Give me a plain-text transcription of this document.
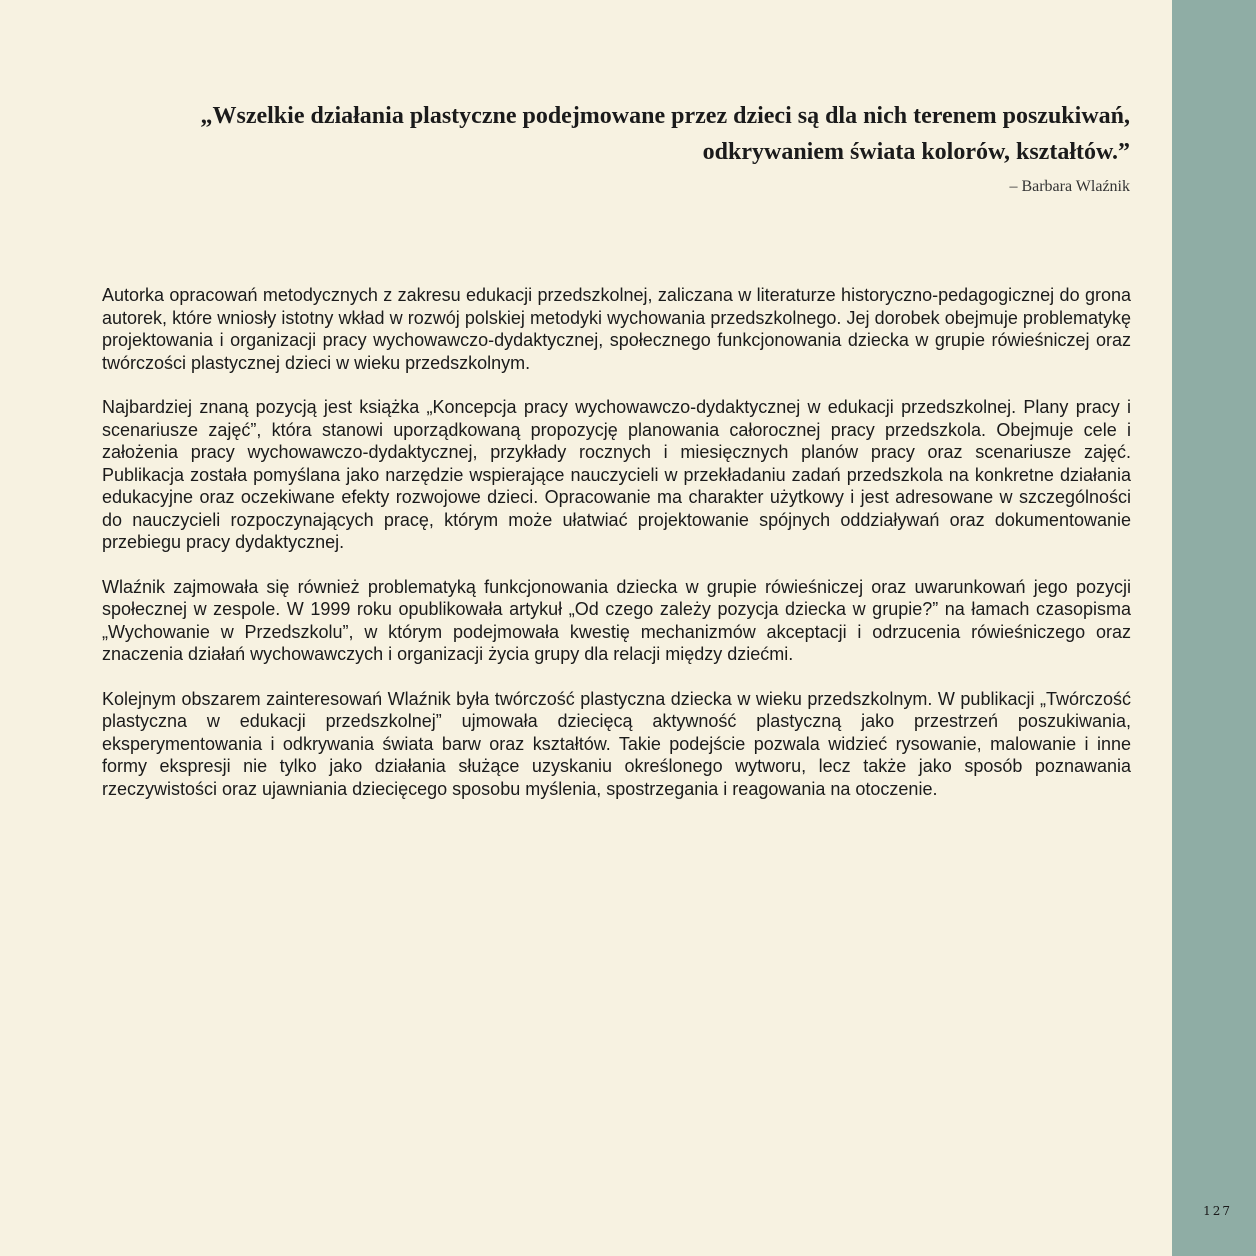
„Wszelkie działania plastyczne podejmowane przez dzieci są dla nich terenem poszukiwań, odkrywaniem świata kolorów, kształtów.”

– Barbara Wlaźnik

Autorka opracowań metodycznych z zakresu edukacji przedszkolnej, zaliczana w literaturze historyczno-pedagogicznej do grona autorek, które wniosły istotny wkład w rozwój polskiej metodyki wychowania przedszkolnego. Jej dorobek obejmuje problematykę projektowania i organizacji pracy wychowawczo-dydaktycznej, społecznego funkcjonowania dziecka w grupie rówieśniczej oraz twórczości plastycznej dzieci w wieku przedszkolnym.

Najbardziej znaną pozycją jest książka „Koncepcja pracy wychowawczo-dydaktycznej w edukacji przedszkolnej. Plany pracy i scenariusze zajęć”, która stanowi uporządkowaną propozycję planowania całorocznej pracy przedszkola. Obejmuje cele i założenia pracy wychowawczo-dydaktycznej, przykłady rocznych i miesięcznych planów pracy oraz scenariusze zajęć. Publikacja została pomyślana jako narzędzie wspierające nauczycieli w przekładaniu zadań przedszkola na konkretne działania edukacyjne oraz oczekiwane efekty rozwojowe dzieci. Opracowanie ma charakter użytkowy i jest adresowane w szczególności do nauczycieli rozpoczynających pracę, którym może ułatwiać projektowanie spójnych oddziaływań oraz dokumentowanie przebiegu pracy dydaktycznej.

Wlaźnik zajmowała się również problematyką funkcjonowania dziecka w grupie rówieśniczej oraz uwarunkowań jego pozycji społecznej w zespole. W 1999 roku opublikowała artykuł „Od czego zależy pozycja dziecka w grupie?” na łamach czasopisma „Wychowanie w Przedszkolu”, w którym podejmowała kwestię mechanizmów akceptacji i odrzucenia rówieśniczego oraz znaczenia działań wychowawczych i organizacji życia grupy dla relacji między dziećmi.

Kolejnym obszarem zainteresowań Wlaźnik była twórczość plastyczna dziecka w wieku przedszkolnym. W publikacji „Twórczość plastyczna w edukacji przedszkolnej” ujmowała dziecięcą aktywność plastyczną jako przestrzeń poszukiwania, eksperymentowania i odkrywania świata barw oraz kształtów. Takie podejście pozwala widzieć rysowanie, malowanie i inne formy ekspresji nie tylko jako działania służące uzyskaniu określonego wytworu, lecz także jako sposób poznawania rzeczywistości oraz ujawniania dziecięcego sposobu myślenia, spostrzegania i reagowania na otoczenie.

127
